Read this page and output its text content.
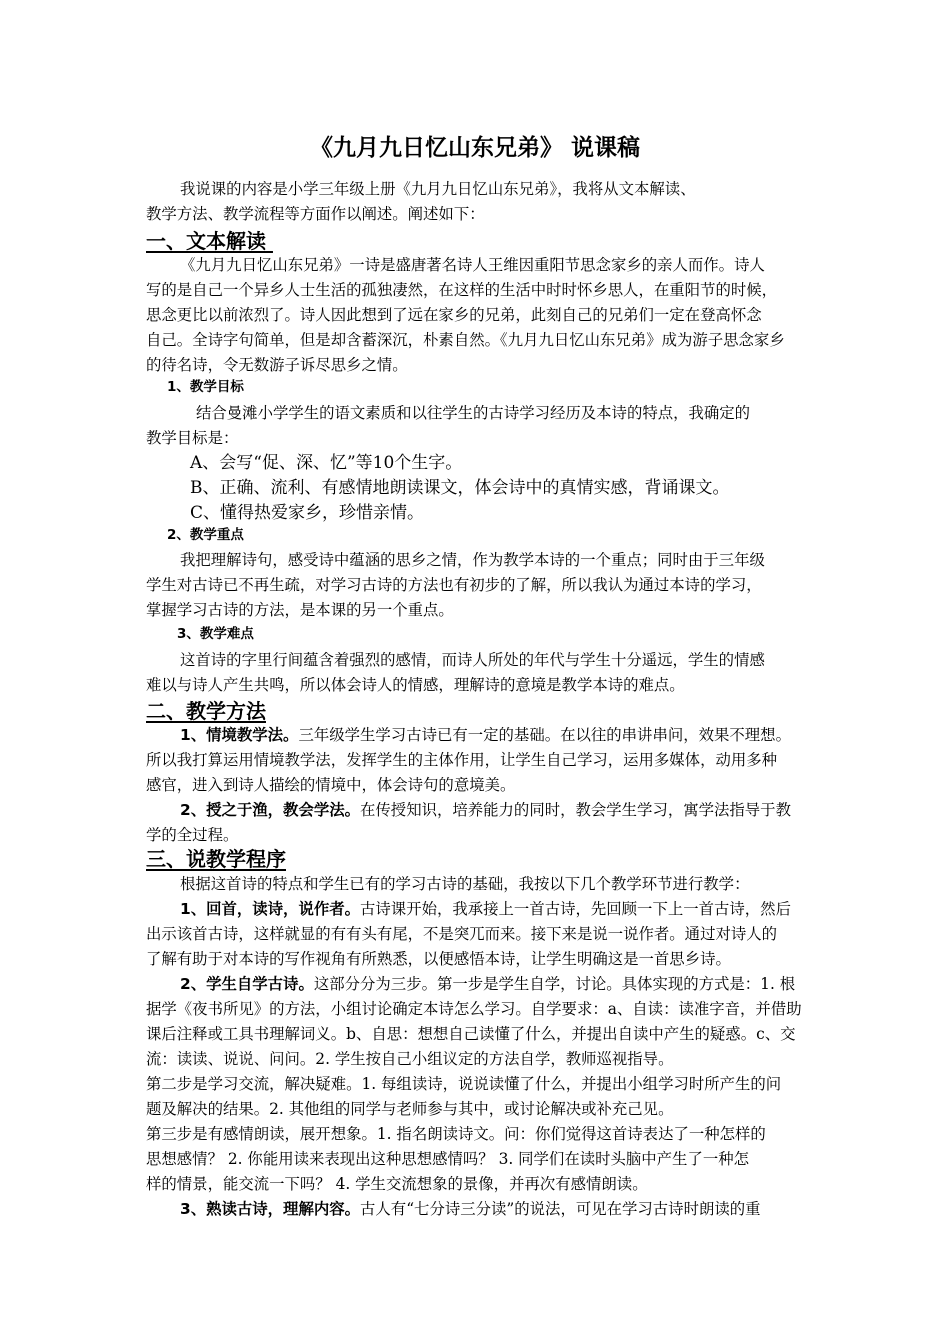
《九月九日忆山东兄弟》 说课稿

我说课的内容是小学三年级上册《九月九日忆山东兄弟》，我将从文本解读、

教学方法、教学流程等方面作以阐述。阐述如下：

一、文本解读

《九月九日忆山东兄弟》一诗是盛唐著名诗人王维因重阳节思念家乡的亲人而作。诗人

写的是自己一个异乡人士生活的孤独凄然，在这样的生活中时时怀乡思人，在重阳节的时候，

思念更比以前浓烈了。诗人因此想到了远在家乡的兄弟，此刻自己的兄弟们一定在登高怀念

自己。全诗字句简单，但是却含蓄深沉，朴素自然。《九月九日忆山东兄弟》成为游子思念家乡

的待名诗，令无数游子诉尽思乡之情。

1、教学目标

结合曼滩小学学生的语文素质和以往学生的古诗学习经历及本诗的特点，我确定的

教学目标是：

A、会写“促、深、忆”等10个生字。

B、正确、流利、有感情地朗读课文，体会诗中的真情实感，背诵课文。

C、懂得热爱家乡，珍惜亲情。

2、教学重点

我把理解诗句，感受诗中蕴涵的思乡之情，作为教学本诗的一个重点；同时由于三年级

学生对古诗已不再生疏，对学习古诗的方法也有初步的了解，所以我认为通过本诗的学习，

掌握学习古诗的方法，是本课的另一个重点。

3、教学难点

这首诗的字里行间蕴含着强烈的感情，而诗人所处的年代与学生十分遥远，学生的情感

难以与诗人产生共鸣，所以体会诗人的情感，理解诗的意境是教学本诗的难点。

二、教学方法

1、情境教学法。三年级学生学习古诗已有一定的基础。在以往的串讲串问，效果不理想。

所以我打算运用情境教学法，发挥学生的主体作用，让学生自己学习，运用多媒体，动用多种

感官，进入到诗人描绘的情境中，体会诗句的意境美。

2、授之于渔，教会学法。在传授知识，培养能力的同时，教会学生学习，寓学法指导于教

学的全过程。

三、说教学程序

根据这首诗的特点和学生已有的学习古诗的基础，我按以下几个教学环节进行教学：

1、回首，读诗，说作者。古诗课开始，我承接上一首古诗，先回顾一下上一首古诗，然后

出示该首古诗，这样就显的有有头有尾，不是突兀而来。接下来是说一说作者。通过对诗人的

了解有助于对本诗的写作视角有所熟悉，以便感悟本诗，让学生明确这是一首思乡诗。

2、学生自学古诗。这部分分为三步。第一步是学生自学，讨论。具体实现的方式是：1. 根

据学《夜书所见》的方法，小组讨论确定本诗怎么学习。自学要求：a、自读：读准字音，并借助

课后注释或工具书理解词义。b、自思：想想自己读懂了什么，并提出自读中产生的疑惑。c、交

流：读读、说说、问问。2. 学生按自己小组议定的方法自学，教师巡视指导。

第二步是学习交流，解决疑难。1. 每组读诗，说说读懂了什么，并提出小组学习时所产生的问

题及解决的结果。2. 其他组的同学与老师参与其中，或讨论解决或补充己见。

第三步是有感情朗读，展开想象。1. 指名朗读诗文。问：你们觉得这首诗表达了一种怎样的

思想感情？ 2. 你能用读来表现出这种思想感情吗？ 3. 同学们在读时头脑中产生了一种怎

样的情景，能交流一下吗？ 4. 学生交流想象的景像，并再次有感情朗读。

3、熟读古诗，理解内容。古人有“七分诗三分读”的说法，可见在学习古诗时朗读的重
